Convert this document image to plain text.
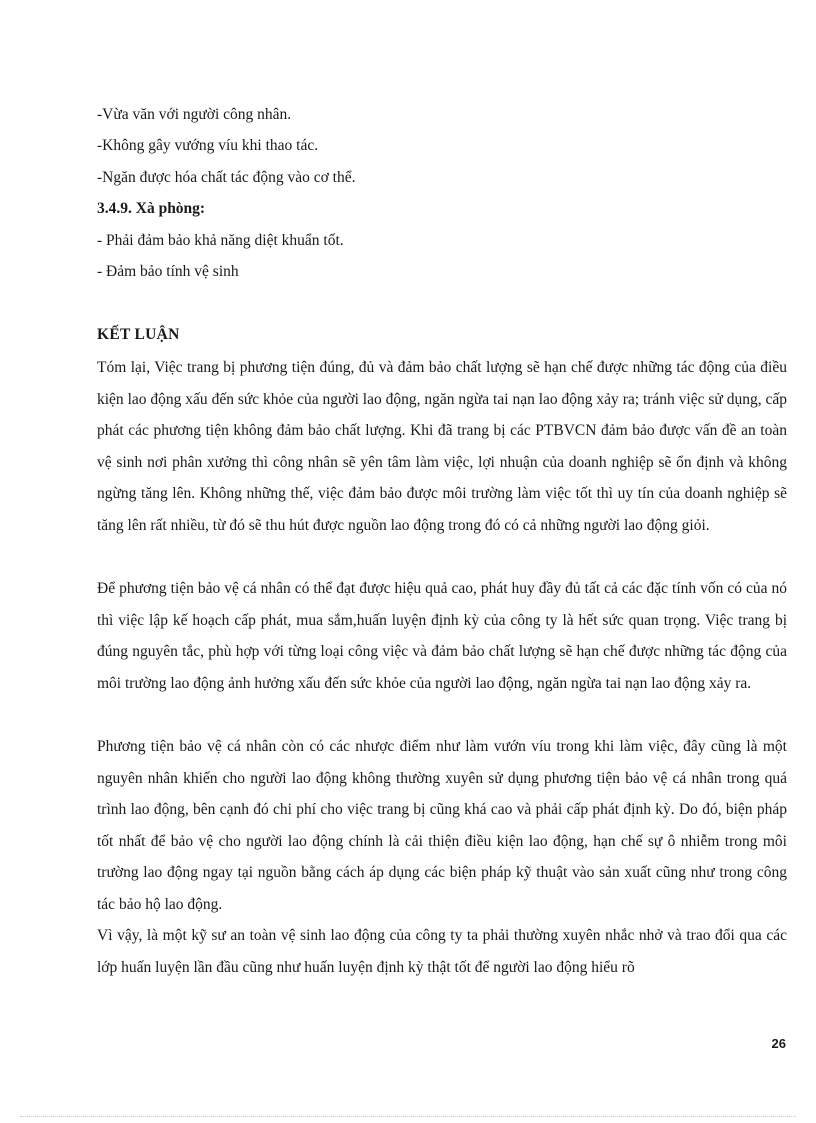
-Vừa văn với người công nhân.
-Không gây vướng víu khi thao tác.
-Ngăn được hóa chất tác động vào cơ thể.
3.4.9. Xà phòng:
- Phải đảm bảo khả năng diệt khuẩn tốt.
- Đảm bảo tính vệ sinh
KẾT LUẬN
Tóm lại, Việc trang bị phương tiện đúng, đủ và đảm bảo chất lượng sẽ hạn chế được những tác động của điều kiện lao động xấu đến sức khỏe của người lao động, ngăn ngừa tai nạn lao động xảy ra; tránh việc sử dụng, cấp phát các phương tiện không đảm bảo chất lượng. Khi đã trang bị các PTBVCN đảm bảo được vấn đề an toàn vệ sinh nơi phân xưởng thì công nhân sẽ yên tâm làm việc, lợi nhuận của doanh nghiệp sẽ ổn định và không ngừng tăng lên. Không những thế, việc đảm bảo được môi trường làm việc tốt thì uy tín của doanh nghiệp sẽ tăng lên rất nhiều, từ đó sẽ thu hút được nguồn lao động trong đó có cả những người lao động giỏi.
Để phương tiện bảo vệ cá nhân có thể đạt được hiệu quả cao, phát huy đầy đủ tất cả các đặc tính vốn có của nó thì việc lập kế hoạch cấp phát, mua sắm,huấn luyện định kỳ của công ty là hết sức quan trọng. Việc trang bị đúng nguyên tắc, phù hợp với từng loại công việc và đảm bảo chất lượng sẽ hạn chế được những tác động của môi trường lao động ảnh hưởng xấu đến sức khỏe của người lao động, ngăn ngừa tai nạn lao động xảy ra.
Phương tiện bảo vệ cá nhân còn có các nhược điểm như làm vướn víu trong khi làm việc, đây cũng là một nguyên nhân khiến cho người lao động không thường xuyên sử dụng phương tiện bảo vệ cá nhân trong quá trình lao động, bên cạnh đó chi phí cho việc trang bị cũng khá cao và phải cấp phát định kỳ. Do đó, biện pháp tốt nhất để bảo vệ cho người lao động chính là cải thiện điều kiện lao động, hạn chế sự ô nhiễm trong môi trường lao động ngay tại nguồn bằng cách áp dụng các biện pháp kỹ thuật vào sản xuất cũng như trong công tác bảo hộ lao động.
Vì vậy, là một kỹ sư an toàn vệ sinh lao động của công ty ta phải thường xuyên nhắc nhở và trao đổi qua các lớp huấn luyện lần đầu cũng như huấn luyện định kỳ thật tốt để người lao động hiểu rõ
26
